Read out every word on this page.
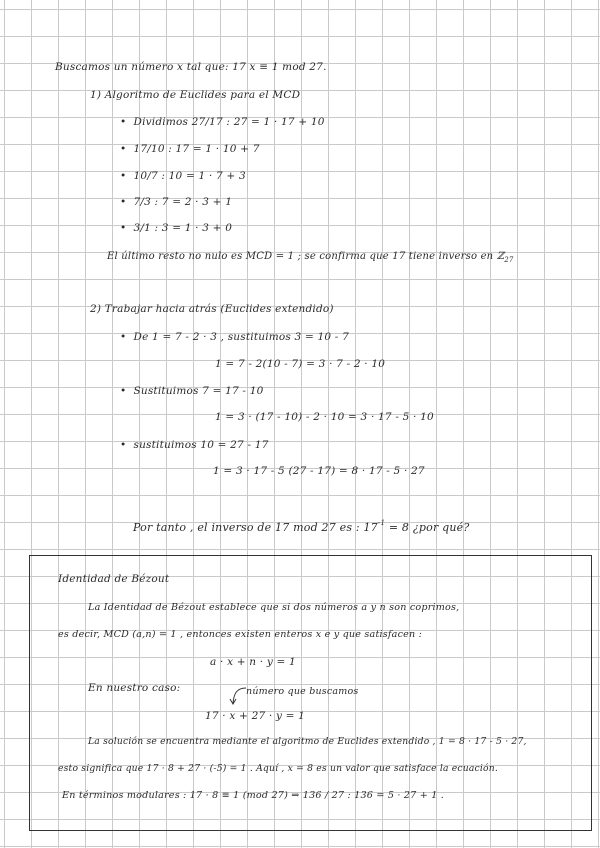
Buscamos un número x tal que: 17 x ≡ 1 mod 27.
1) Algoritmo de Euclides para el MCD
• Dividimos 27/17 : 27 = 1 · 17 + 10
• 17/10 : 17 = 1 · 10 + 7
• 10/7 : 10 = 1 · 7 + 3
• 7/3 : 7 = 2 · 3 + 1
• 3/1 : 3 = 1 · 3 + 0
El último resto no nulo es MCD = 1 ; se confirma que 17 tiene inverso en ℤ$_{27}$
2) Trabajar hacia atrás (Euclides extendido)
• De 1 = 7 - 2 · 3 , sustituimos 3 = 10 - 7
1 = 7 - 2(10 - 7) = 3 · 7 - 2 · 10
• Sustituimos 7 = 17 - 10
1 = 3 · (17 - 10) - 2 · 10 = 3 · 17 - 5 · 10
• sustituimos 10 = 27 - 17
1 = 3 · 17 - 5 (27 - 17) = 8 · 17 - 5 · 27
Por tanto , el inverso de 17 mod 27 es : $17^{-1} = 8$ ¿por qué?
Identidad de Bézout
La Identidad de Bézout establece que si dos números a y n son coprimos,
es decir, MCD (a,n) = 1 , entonces existen enteros x e y que satisfacen :
a · x + n · y = 1
En nuestro caso:	número que buscamos
17 · x + 27 · y = 1
La solución se encuentra mediante el algoritmo de Euclides extendido , 1 = 8 · 17 - 5 · 27,
esto significa que 17 · 8 + 27 · (-5) = 1 . Aquí , x = 8 es un valor que satisface la ecuación.
En términos modulares : 17 · 8 ≡ 1 (mod 27) ⇒ 136 / 27 : 136 = 5 · 27 + 1 .
